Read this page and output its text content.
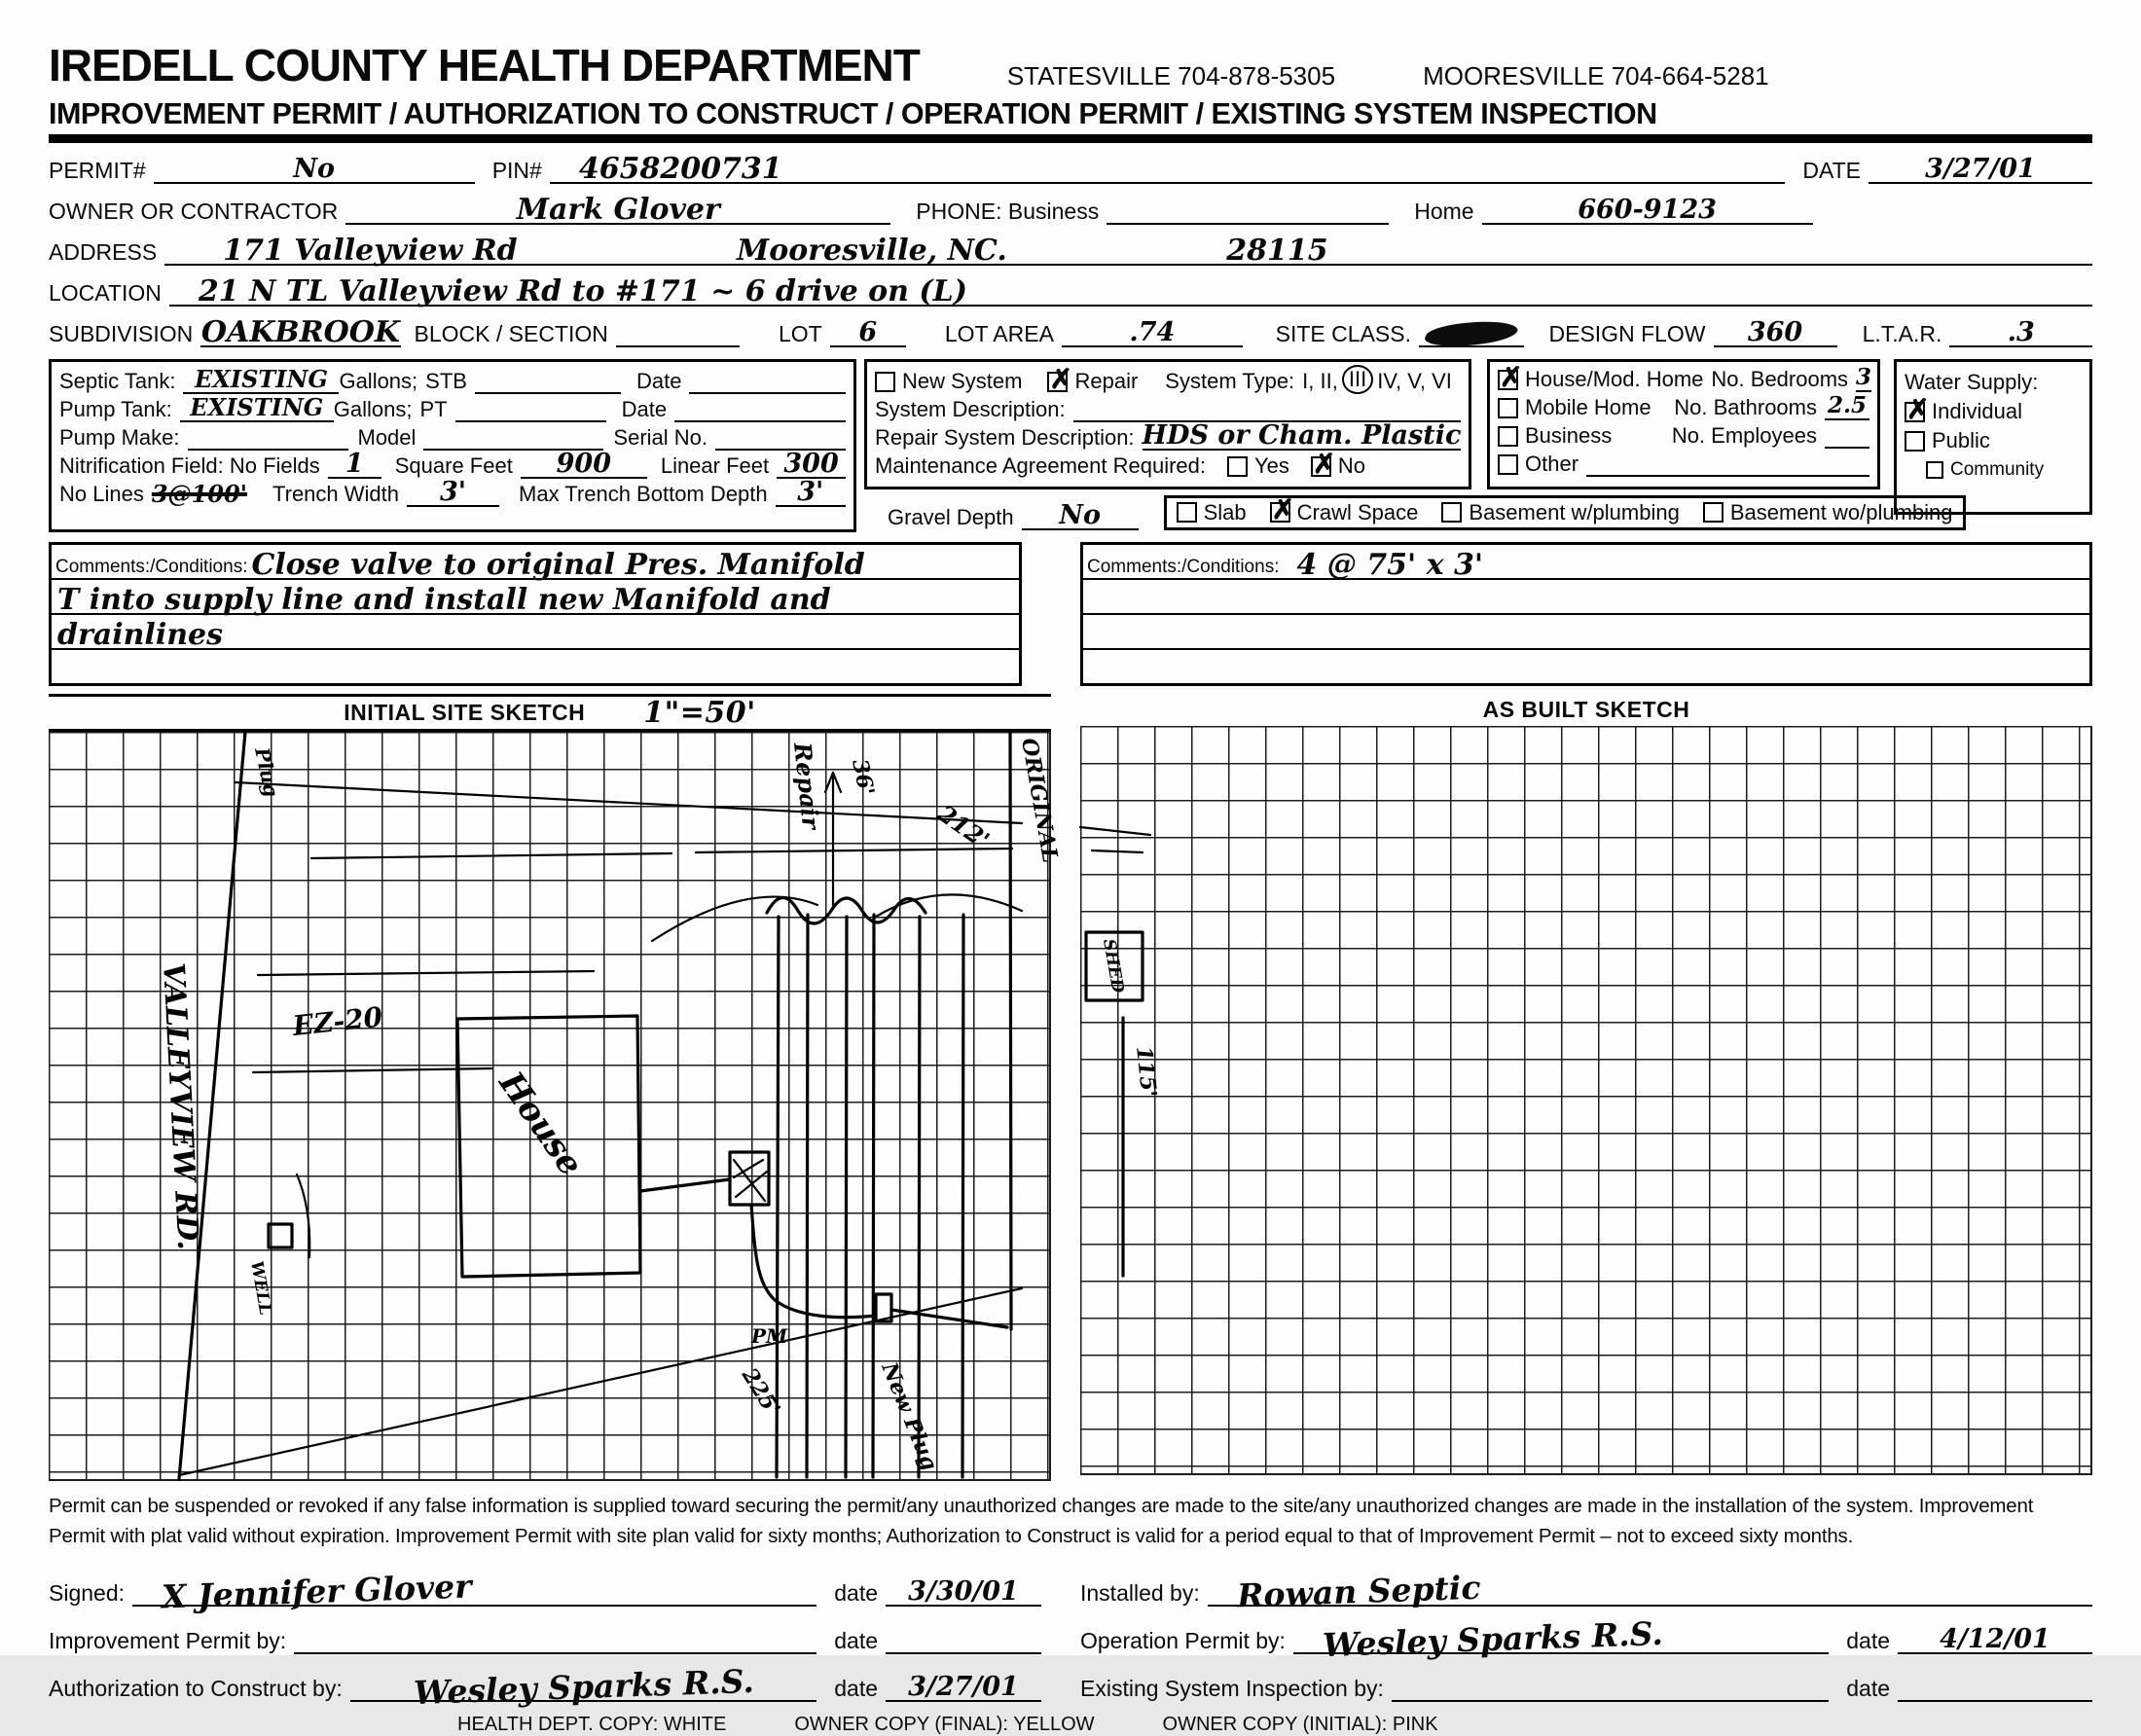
IREDELL COUNTY HEALTH DEPARTMENT	STATESVILLE 704-878-5305	MOORESVILLE 704-664-5281
IMPROVEMENT PERMIT / AUTHORIZATION TO CONSTRUCT / OPERATION PERMIT / EXISTING SYSTEM INSPECTION
PERMIT#	No	PIN# 4658200731	DATE 3/27/01
OWNER OR CONTRACTOR	Mark Glover	PHONE: Business	Home	660-9123
ADDRESS 171 Valleyview Rd	Mooresville, NC.	28115
LOCATION 21 N TL Valleyview Rd to #171 ~ 6 drive on (L)
SUBDIVISION OAKBROOK BLOCK / SECTION	LOT 6	LOT AREA	.74	SITE CLASS.	DESIGN FLOW 360	L.T.A.R. .3
Septic Tank: EXISTING Gallons; STB	Date
Pump Tank: EXISTING Gallons; PT	Date
Pump Make:	Model	Serial No.
Nitrification Field: No Fields 1	Square Feet 900	Linear Feet 300
No Lines 3@100'	Trench Width 3'	Max Trench Bottom Depth 3'
New System ✗ Repair	System Type: I, II, III IV, V, VI
System Description:
Repair System Description: HDS or Cham. Plastic
Maintenance Agreement Required:	Yes ✗ No
✗ House/Mod. Home No. Bedrooms 3
Mobile Home	No. Bathrooms 2.5
Business	No. Employees
Other
Water Supply:
✗ Individual
Public
Community
Gravel Depth No	Slab ✗ Crawl Space	Basement w/plumbing	Basement wo/plumbing
Comments:/Conditions: Close valve to original Pres. Manifold
T into supply line and install new Manifold and
drainlines
Comments:/Conditions: 4 @ 75' x 3'
INITIAL SITE SKETCH 1"=50'
Plug
VALLEYVIEW RD.	House
WELL
EZ-20
Repair 36'
212' ORIGINAL
225'	New Plug
PM
AS BUILT SKETCH
SHED
115'
Permit can be suspended or revoked if any false information is supplied toward securing the permit/any unauthorized changes are made to the site/any unauthorized changes are made in the installation of the system. Improvement Permit with plat valid without expiration. Improvement Permit with site plan valid for sixty months; Authorization to Construct is valid for a period equal to that of Improvement Permit – not to exceed sixty months.
Signed: X Jennifer Glover	date 3/30/01
Improvement Permit by:	date
Authorization to Construct by: Wesley Sparks R.S.	date 3/27/01
Installed by: Rowan Septic
Operation Permit by: Wesley Sparks R.S.	date 4/12/01
Existing System Inspection by:	date
HEALTH DEPT. COPY: WHITE	OWNER COPY (FINAL): YELLOW	OWNER COPY (INITIAL): PINK
